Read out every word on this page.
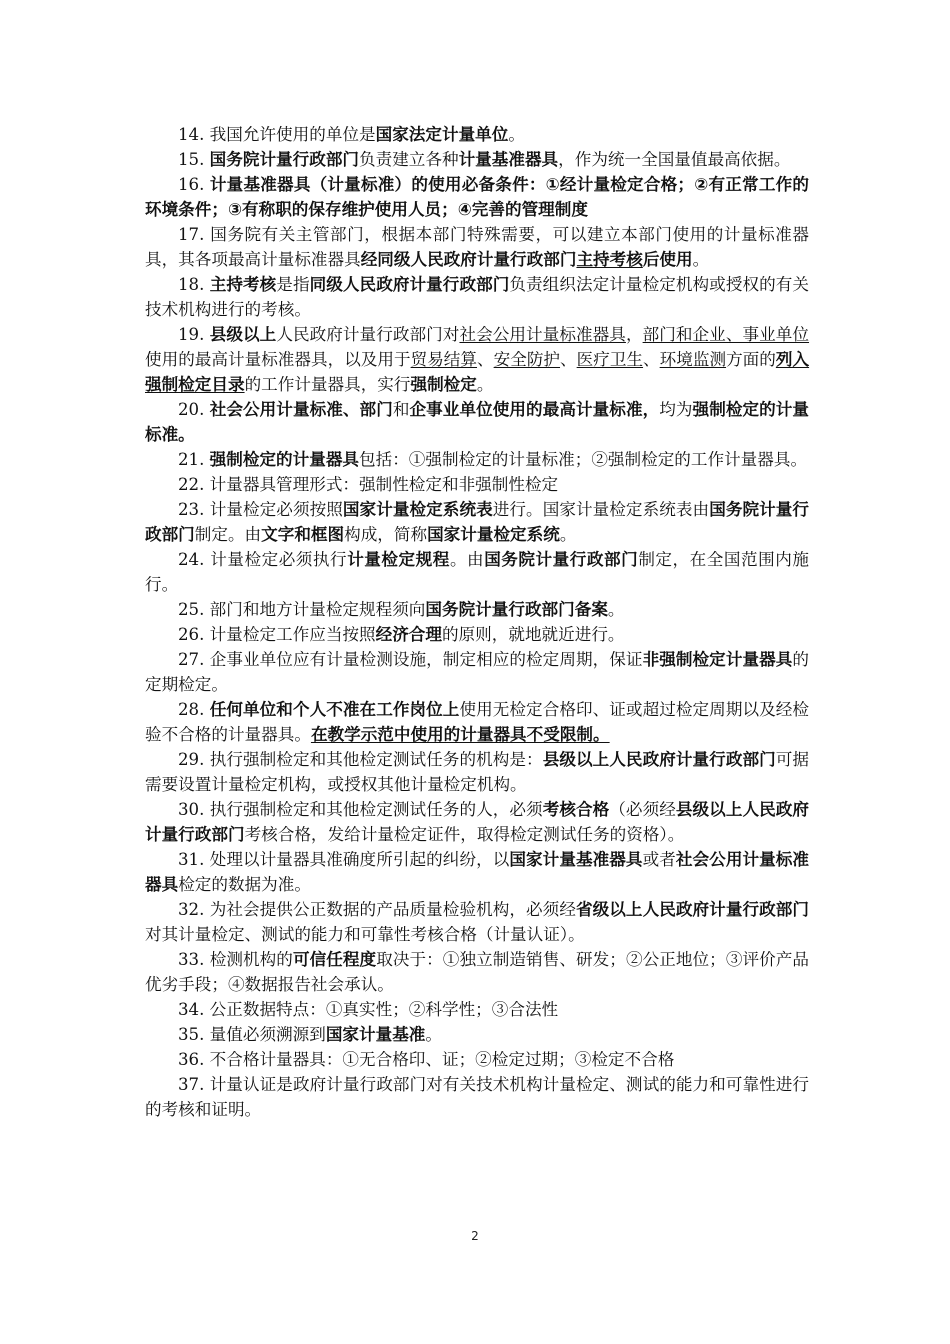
14. 我国允许使用的单位是国家法定计量单位。

15. 国务院计量行政部门负责建立各种计量基准器具，作为统一全国量值最高依据。

16. 计量基准器具（计量标准）的使用必备条件：①经计量检定合格；②有正常工作的环境条件；③有称职的保存维护使用人员；④完善的管理制度

17. 国务院有关主管部门，根据本部门特殊需要，可以建立本部门使用的计量标准器具，其各项最高计量标准器具经同级人民政府计量行政部门主持考核后使用。

18. 主持考核是指同级人民政府计量行政部门负责组织法定计量检定机构或授权的有关技术机构进行的考核。

19. 县级以上人民政府计量行政部门对社会公用计量标准器具，部门和企业、事业单位使用的最高计量标准器具，以及用于贸易结算、安全防护、医疗卫生、环境监测方面的列入强制检定目录的工作计量器具，实行强制检定。

20. 社会公用计量标准、部门和企事业单位使用的最高计量标准，均为强制检定的计量标准。

21. 强制检定的计量器具包括：①强制检定的计量标准；②强制检定的工作计量器具。

22. 计量器具管理形式：强制性检定和非强制性检定

23. 计量检定必须按照国家计量检定系统表进行。国家计量检定系统表由国务院计量行政部门制定。由文字和框图构成，简称国家计量检定系统。

24. 计量检定必须执行计量检定规程。由国务院计量行政部门制定，在全国范围内施行。

25. 部门和地方计量检定规程须向国务院计量行政部门备案。

26. 计量检定工作应当按照经济合理的原则，就地就近进行。

27. 企事业单位应有计量检测设施，制定相应的检定周期，保证非强制检定计量器具的定期检定。

28. 任何单位和个人不准在工作岗位上使用无检定合格印、证或超过检定周期以及经检验不合格的计量器具。在教学示范中使用的计量器具不受限制。

29. 执行强制检定和其他检定测试任务的机构是：县级以上人民政府计量行政部门可据需要设置计量检定机构，或授权其他计量检定机构。

30. 执行强制检定和其他检定测试任务的人，必须考核合格（必须经县级以上人民政府计量行政部门考核合格，发给计量检定证件，取得检定测试任务的资格）。

31. 处理以计量器具准确度所引起的纠纷，以国家计量基准器具或者社会公用计量标准器具检定的数据为准。

32. 为社会提供公正数据的产品质量检验机构，必须经省级以上人民政府计量行政部门对其计量检定、测试的能力和可靠性考核合格（计量认证）。

33. 检测机构的可信任程度取决于：①独立制造销售、研发；②公正地位；③评价产品优劣手段；④数据报告社会承认。

34. 公正数据特点：①真实性；②科学性；③合法性

35. 量值必须溯源到国家计量基准。

36. 不合格计量器具：①无合格印、证；②检定过期；③检定不合格

37. 计量认证是政府计量行政部门对有关技术机构计量检定、测试的能力和可靠性进行的考核和证明。

2
